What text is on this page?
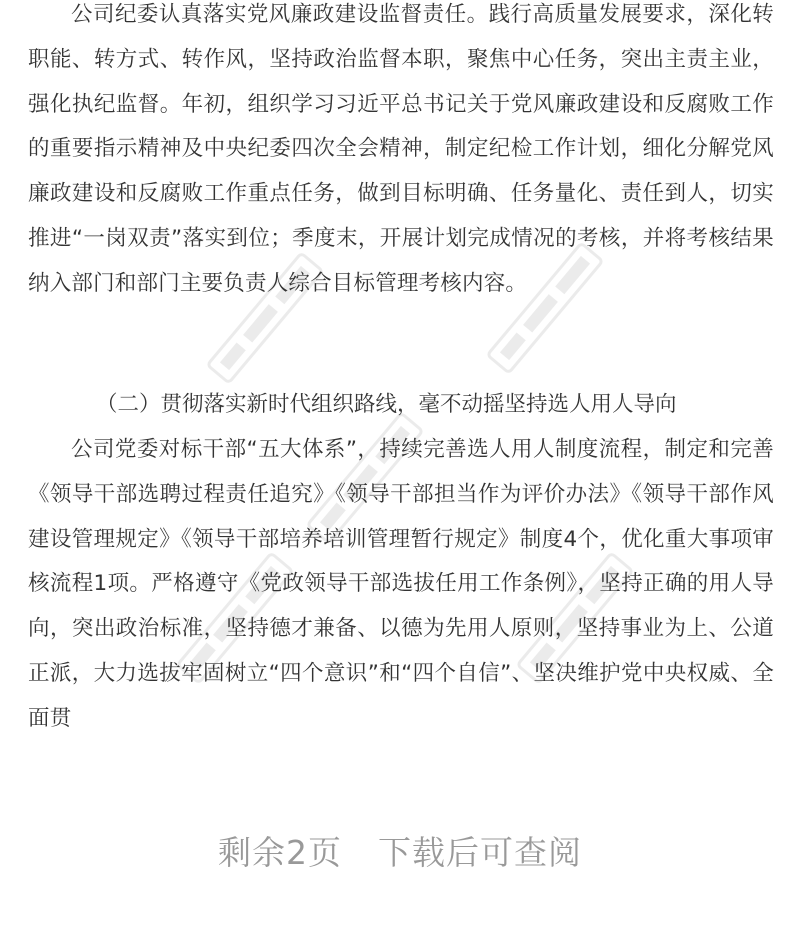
公司纪委认真落实党风廉政建设监督责任。践行高质量发展要求，深化转职能、转方式、转作风，坚持政治监督本职，聚焦中心任务，突出主责主业，强化执纪监督。年初，组织学习习近平总书记关于党风廉政建设和反腐败工作的重要指示精神及中央纪委四次全会精神，制定纪检工作计划，细化分解党风廉政建设和反腐败工作重点任务，做到目标明确、任务量化、责任到人，切实推进“一岗双责”落实到位；季度末，开展计划完成情况的考核，并将考核结果纳入部门和部门主要负责人综合目标管理考核内容。

（二）贯彻落实新时代组织路线，毫不动摇坚持选人用人导向

公司党委对标干部“五大体系”，持续完善选人用人制度流程，制定和完善《领导干部选聘过程责任追究》《领导干部担当作为评价办法》《领导干部作风建设管理规定》《领导干部培养培训管理暂行规定》制度4个，优化重大事项审核流程1项。严格遵守《党政领导干部选拔任用工作条例》，坚持正确的用人导向，突出政治标准，坚持德才兼备、以德为先用人原则，坚持事业为上、公道正派，大力选拔牢固树立“四个意识”和“四个自信”、坚决维护党中央权威、全面贯

剩余2页 下载后可查阅
